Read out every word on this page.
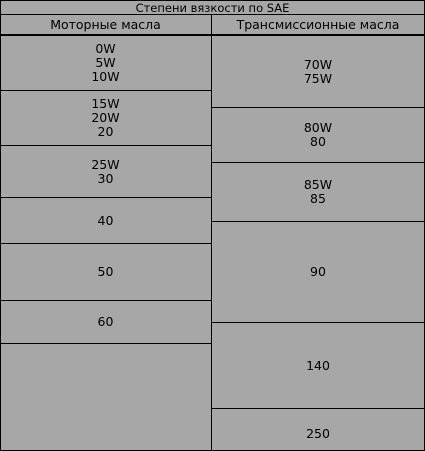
Степени вязкости по SAE
Моторные масла	Трансмиссионные масла
0W
5W
10W
15W
20W
20
25W
30
40
50
60
70W
75W
80W
80
85W
85
90
140
250
